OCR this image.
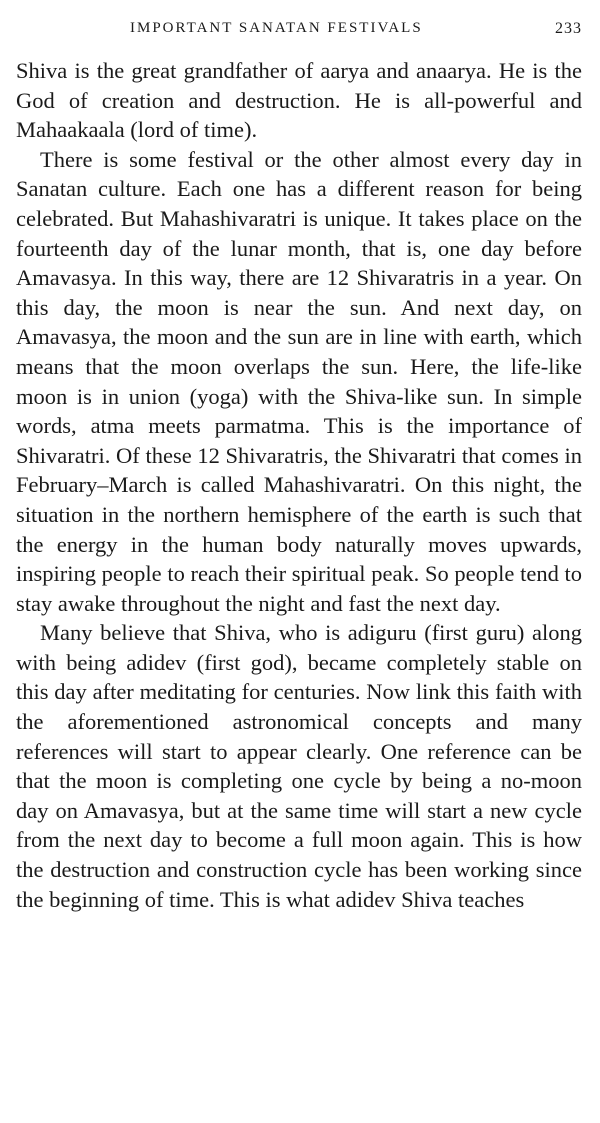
IMPORTANT SANATAN FESTIVALS	233

Shiva is the great grandfather of aarya and anaarya. He is the God of creation and destruction. He is all-powerful and Mahaakaala (lord of time).

There is some festival or the other almost every day in Sanatan culture. Each one has a different reason for being celebrated. But Mahashivaratri is unique. It takes place on the fourteenth day of the lunar month, that is, one day before Amavasya. In this way, there are 12 Shivaratris in a year. On this day, the moon is near the sun. And next day, on Amavasya, the moon and the sun are in line with earth, which means that the moon overlaps the sun. Here, the life-like moon is in union (yoga) with the Shiva-like sun. In simple words, atma meets parmatma. This is the importance of Shivaratri. Of these 12 Shivaratris, the Shivaratri that comes in February–March is called Mahashivaratri. On this night, the situation in the northern hemisphere of the earth is such that the energy in the human body naturally moves upwards, inspiring people to reach their spiritual peak. So people tend to stay awake throughout the night and fast the next day.

Many believe that Shiva, who is adiguru (first guru) along with being adidev (first god), became completely stable on this day after meditating for centuries. Now link this faith with the aforementioned astronomical concepts and many references will start to appear clearly. One reference can be that the moon is completing one cycle by being a no-moon day on Amavasya, but at the same time will start a new cycle from the next day to become a full moon again. This is how the destruction and construction cycle has been working since the beginning of time. This is what adidev Shiva teaches
